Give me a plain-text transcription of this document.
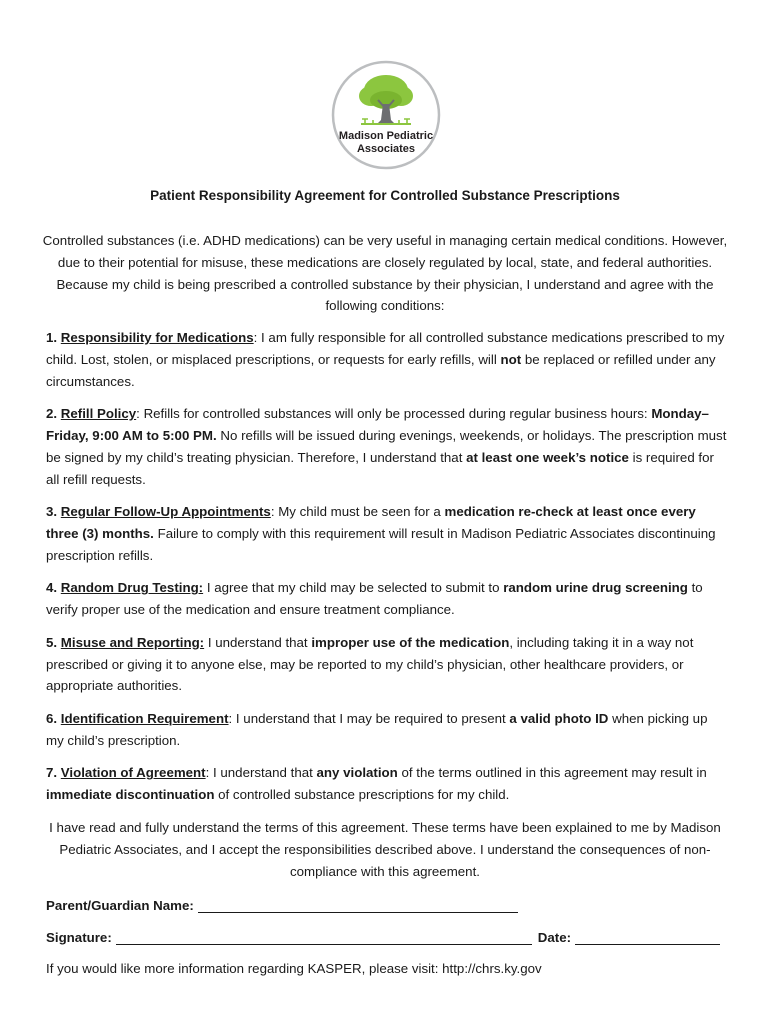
Madison Pediatric
Associates
Patient Responsibility Agreement for Controlled Substance Prescriptions
Controlled substances (i.e. ADHD medications) can be very useful in managing certain medical conditions. However, due to their potential for misuse, these medications are closely regulated by local, state, and federal authorities. Because my child is being prescribed a controlled substance by their physician, I understand and agree with the following conditions:

1. Responsibility for Medications: I am fully responsible for all controlled substance medications prescribed to my child. Lost, stolen, or misplaced prescriptions, or requests for early refills, will not be replaced or refilled under any circumstances.

2. Refill Policy: Refills for controlled substances will only be processed during regular business hours: Monday–Friday, 9:00 AM to 5:00 PM. No refills will be issued during evenings, weekends, or holidays. The prescription must be signed by my child’s treating physician. Therefore, I understand that at least one week’s notice is required for all refill requests.

3. Regular Follow-Up Appointments: My child must be seen for a medication re-check at least once every three (3) months. Failure to comply with this requirement will result in Madison Pediatric Associates discontinuing prescription refills.

4. Random Drug Testing: I agree that my child may be selected to submit to random urine drug screening to verify proper use of the medication and ensure treatment compliance.

5. Misuse and Reporting: I understand that improper use of the medication, including taking it in a way not prescribed or giving it to anyone else, may be reported to my child’s physician, other healthcare providers, or appropriate authorities.

6. Identification Requirement: I understand that I may be required to present a valid photo ID when picking up my child’s prescription.

7. Violation of Agreement: I understand that any violation of the terms outlined in this agreement may result in immediate discontinuation of controlled substance prescriptions for my child.

I have read and fully understand the terms of this agreement. These terms have been explained to me by Madison Pediatric Associates, and I accept the responsibilities described above. I understand the consequences of non-compliance with this agreement.
Parent/Guardian Name:
Signature:	Date:
If you would like more information regarding KASPER, please visit: http://chrs.ky.gov
